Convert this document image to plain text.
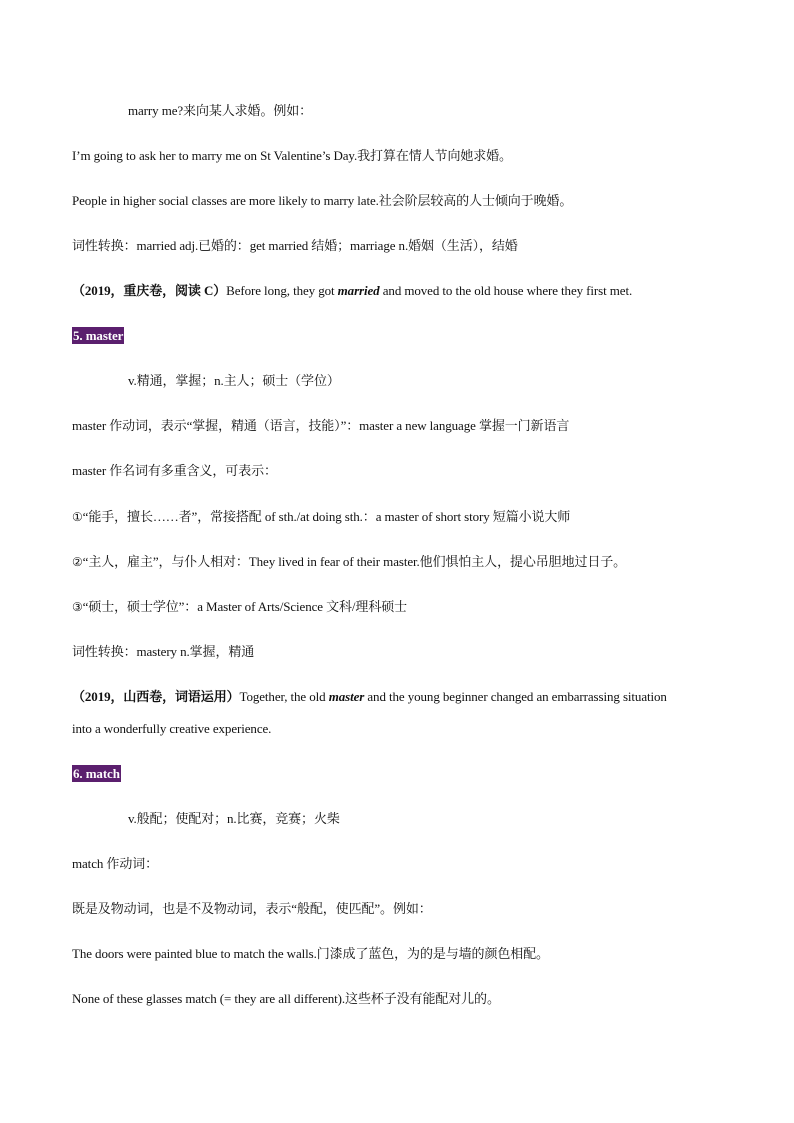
marry me?来向某人求婚。例如：
I’m going to ask her to marry me on St Valentine’s Day.我打算在情人节向她求婚。
People in higher social classes are more likely to marry late.社会阶层较高的人士倾向于晚婚。
词性转换：married adj.已婚的：get married 结婚；marriage n.婚姻（生活），结婚
（2019，重庆卷，阅读 C）Before long, they got married and moved to the old house where they first met.
5. master
v.精通，掌握；n.主人；硕士（学位）
master 作动词，表示“掌握，精通（语言，技能）”：master a new language 掌握一门新语言
master 作名词有多重含义，可表示：
①“能手，擅长……者”，常接搭配 of sth./at doing sth.：a master of short story 短篇小说大师
②“主人，雇主”，与仆人相对：They lived in fear of their master.他们惧怕主人，提心吊胆地过日子。
③“硕士，硕士学位”：a Master of Arts/Science 文科/理科硕士
词性转换：mastery n.掌握，精通
（2019，山西卷，词语运用）Together, the old master and the young beginner changed an embarrassing situation
into a wonderfully creative experience.
6. match
v.般配；使配对；n.比赛，竞赛；火柴
match 作动词：
既是及物动词，也是不及物动词，表示“般配，使匹配”。例如：
The doors were painted blue to match the walls.门漆成了蓝色，为的是与墙的颜色相配。
None of these glasses match (= they are all different).这些杯子没有能配对儿的。
